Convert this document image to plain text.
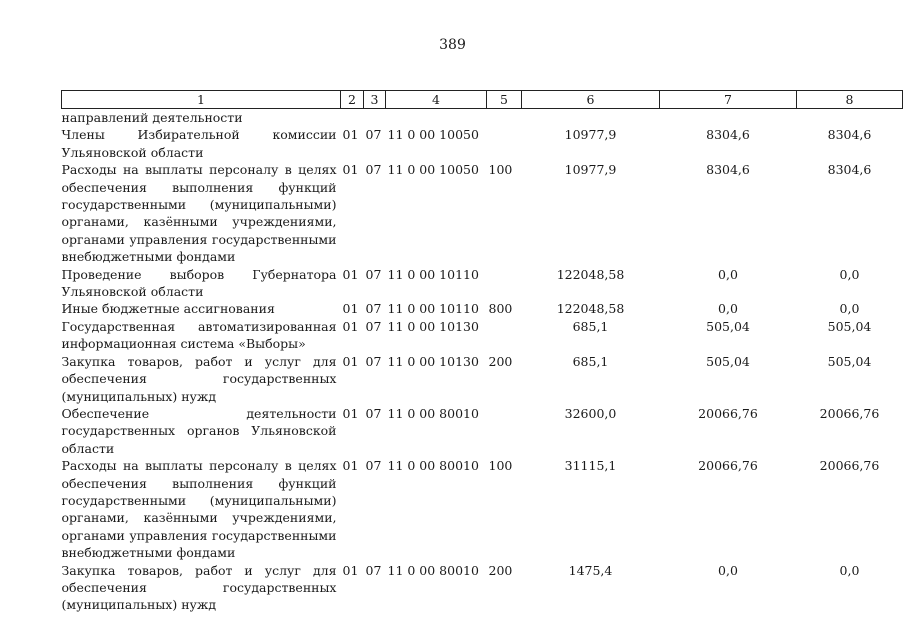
389
1	2	3	4	5	6	7	8
направлений деятельности							
Члены Избирательной комиссии Ульяновской области	01	07	11 0 00 10050		10977,9	8304,6	8304,6
Расходы на выплаты персоналу в целях обеспечения выполнения функций государственными (муниципальными) органами, казёнными учреждениями, органами управления государственными внебюджетными фондами	01	07	11 0 00 10050	100	10977,9	8304,6	8304,6
Проведение выборов Губернатора Ульяновской области	01	07	11 0 00 10110		122048,58	0,0	0,0
Иные бюджетные ассигнования	01	07	11 0 00 10110	800	122048,58	0,0	0,0
Государственная автоматизированная информационная система «Выборы»	01	07	11 0 00 10130		685,1	505,04	505,04
Закупка товаров, работ и услуг для обеспечения государственных (муниципальных) нужд	01	07	11 0 00 10130	200	685,1	505,04	505,04
Обеспечение деятельности государственных органов Ульяновской области	01	07	11 0 00 80010		32600,0	20066,76	20066,76
Расходы на выплаты персоналу в целях обеспечения выполнения функций государственными (муниципальными) органами, казёнными учреждениями, органами управления государственными внебюджетными фондами	01	07	11 0 00 80010	100	31115,1	20066,76	20066,76
Закупка товаров, работ и услуг для обеспечения государственных (муниципальных) нужд	01	07	11 0 00 80010	200	1475,4	0,0	0,0
